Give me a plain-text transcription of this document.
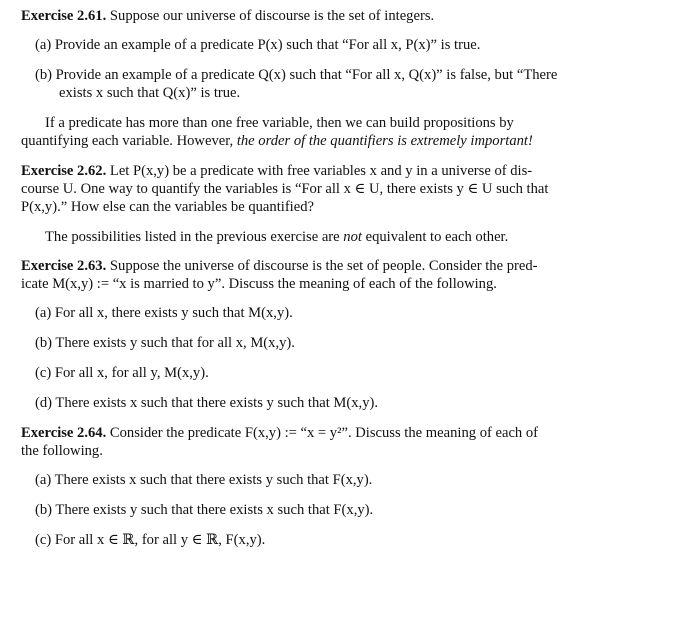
Exercise 2.61. Suppose our universe of discourse is the set of integers.
(a) Provide an example of a predicate P(x) such that “For all x, P(x)” is true.
(b) Provide an example of a predicate Q(x) such that “For all x, Q(x)” is false, but “There
exists x such that Q(x)” is true.
If a predicate has more than one free variable, then we can build propositions by
quantifying each variable. However, the order of the quantifiers is extremely important!
Exercise 2.62. Let P(x,y) be a predicate with free variables x and y in a universe of dis-
course U. One way to quantify the variables is “For all x ∈ U, there exists y ∈ U such that
P(x,y).” How else can the variables be quantified?
The possibilities listed in the previous exercise are not equivalent to each other.
Exercise 2.63. Suppose the universe of discourse is the set of people. Consider the pred-
icate M(x,y) := “x is married to y”. Discuss the meaning of each of the following.
(a) For all x, there exists y such that M(x,y).
(b) There exists y such that for all x, M(x,y).
(c) For all x, for all y, M(x,y).
(d) There exists x such that there exists y such that M(x,y).
Exercise 2.64. Consider the predicate F(x,y) := “x = y²”. Discuss the meaning of each of
the following.
(a) There exists x such that there exists y such that F(x,y).
(b) There exists y such that there exists x such that F(x,y).
(c) For all x ∈ ℝ, for all y ∈ ℝ, F(x,y).
